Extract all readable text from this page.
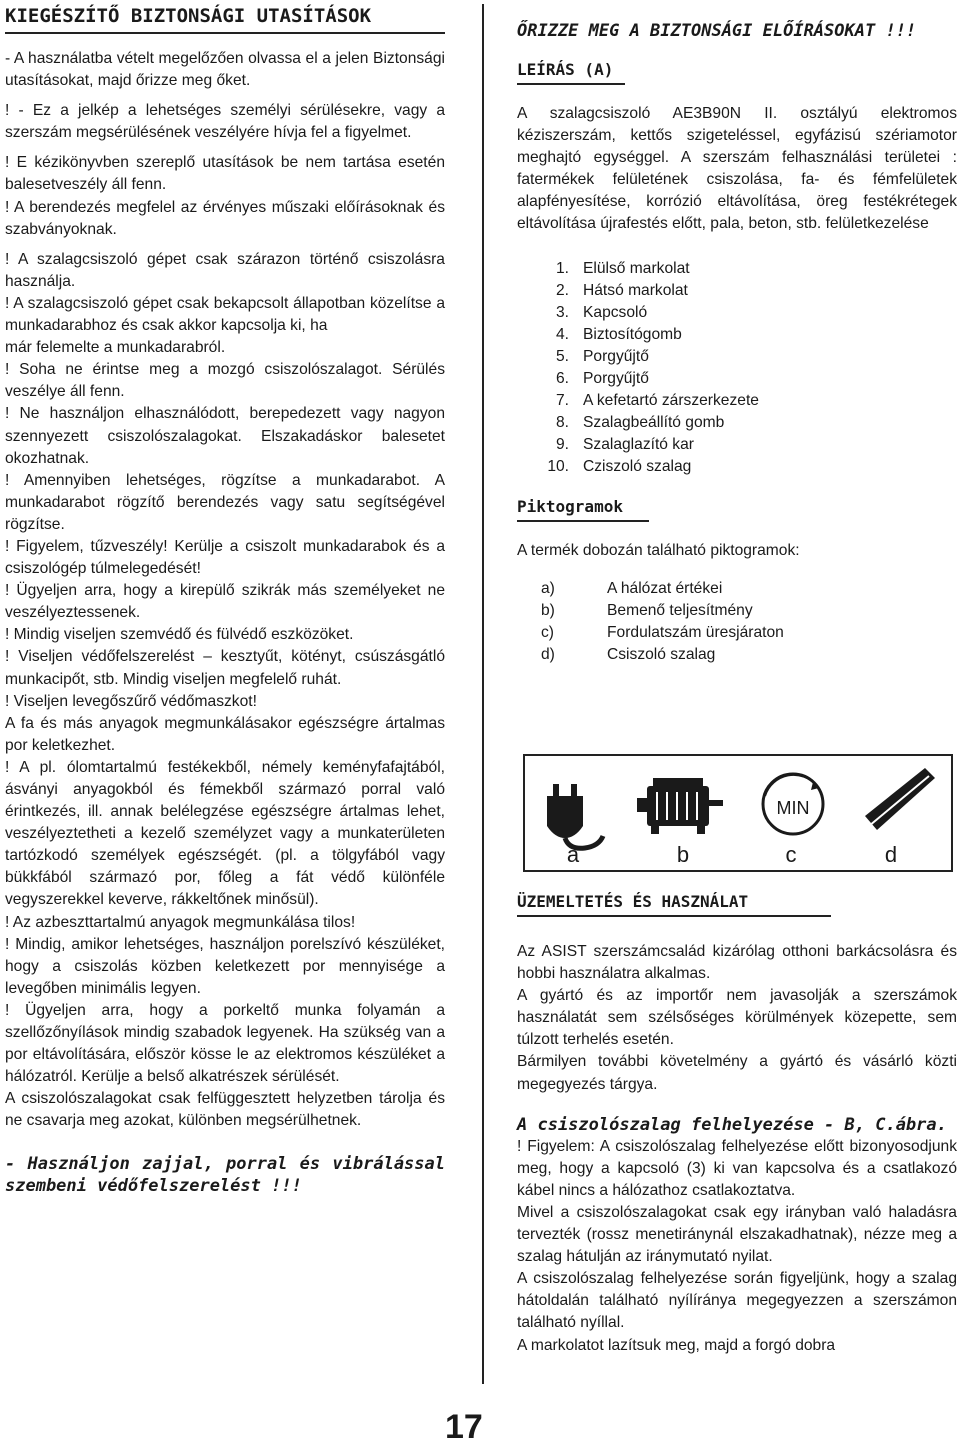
KIEGÉSZÍTŐ BIZTONSÁGI UTASÍTÁSOK

- A használatba vételt megelőzően olvassa el a jelen Biztonsági utasításokat, majd őrizze meg őket.

! - Ez a jelkép a lehetséges személyi sérülésekre, vagy a szerszám megsérülésének veszélyére hívja fel a figyelmet.

! E kézikönyvben szereplő utasítások be nem tartása esetén balesetveszély áll fenn.

! A berendezés megfelel az érvényes műszaki előírásoknak és szabványoknak.

! A szalagcsiszoló gépet csak szárazon történő csiszolásra használja.

! A szalagcsiszoló gépet csak bekapcsolt állapotban közelítse a munkadarabhoz és csak akkor kapcsolja ki, ha

már felemelte a munkadarabról.

! Soha ne érintse meg a mozgó csiszolószalagot. Sérülés veszélye áll fenn.

! Ne használjon elhasználódott, berepedezett vagy nagyon szennyezett csiszolószalagokat. Elszakadáskor balesetet okozhatnak.

! Amennyiben lehetséges, rögzítse a munkadarabot. A munkadarabot rögzítő berendezés vagy satu segítségével rögzítse.

! Figyelem, tűzveszély! Kerülje a csiszolt munkadarabok és a csiszológép túlmelegedését!

! Ügyeljen arra, hogy a kirepülő szikrák más személyeket ne veszélyeztessenek.

! Mindig viseljen szemvédő és fülvédő eszközöket.

! Viseljen védőfelszerelést – kesztyűt, kötényt, csúszásgátló munkacipőt, stb. Mindig viseljen megfelelő ruhát.

! Viseljen levegőszűrő védőmaszkot!

A fa és más anyagok megmunkálásakor egészségre ártalmas por keletkezhet.

! A pl. ólomtartalmú festékekből, némely keményfafajtából, ásványi anyagokból és fémekből származó porral való érintkezés, ill. annak belélegzése egészségre ártalmas lehet, veszélyeztetheti a kezelő személyzet vagy a munkaterületen tartózkodó személyek egészségét. (pl. a tölgyfából vagy bükkfából származó por, főleg a fát védő különféle vegyszerekkel keverve, rákkeltőnek minősül).

! Az azbeszttartalmú anyagok megmunkálása tilos!

! Mindig, amikor lehetséges, használjon porelszívó készüléket, hogy a csiszolás közben keletkezett por mennyisége a levegőben minimális legyen.

! Ügyeljen arra, hogy a porkeltő munka folyamán a szellőzőnyílások mindig szabadok legyenek. Ha szükség van a por eltávolítására, először kösse le az elektromos készüléket a hálózatról. Kerülje a belső alkatrészek sérülését.

A csiszolószalagokat csak felfüggesztett helyzetben tárolja és ne csavarja meg azokat, különben megsérülhetnek.

- Használjon zajjal, porral és vibrálással szembeni védőfelszerelést !!!

ŐRIZZE MEG A BIZTONSÁGI ELŐÍRÁSOKAT !!!

LEÍRÁS (A)

A szalagcsiszoló AE3B90N II. osztályú elektromos kéziszerszám, kettős szigeteléssel, egyfázisú szériamotor meghajtó egységgel. A szerszám felhasználási területei : fatermékek felületének csiszolása, fa- és fémfelületek alapfényesítése, korrózió eltávolítása, öreg festékrétegek eltávolítása újrafestés előtt, pala, beton, stb. felületkezelése

1. Elülső markolat
2. Hátsó markolat
3. Kapcsoló
4. Biztosítógomb
5. Porgyűjtő
6. Porgyűjtő
7. A kefetartó zárszerkezete
8. Szalagbeállító gomb
9. Szalaglazító kar
10. Cziszoló szalag
Piktogramok

A termék dobozán található piktogramok:

a)	A hálózat értékei
b)	Bemenő teljesítmény
c)	Fordulatszám üresjáraton
d)	Csiszoló szalag
MIN
a	b	c	d
ÜZEMELTETÉS ÉS HASZNÁLAT

Az ASIST szerszámcsalád kizárólag otthoni barkácsolásra és hobbi használatra alkalmas.

A gyártó és az importőr nem javasolják a szerszámok használatát sem szélsőséges körülmények közepette, sem túlzott terhelés esetén.

Bármilyen további követelmény a gyártó és vásárló közti megegyezés tárgya.

A csiszolószalag felhelyezése - B, C.ábra.

! Figyelem: A csiszolószalag felhelyezése előtt bizonyosodjunk meg, hogy a kapcsoló (3) ki van kapcsolva és a csatlakozó kábel nincs a hálózathoz csatlakoztatva.

Mivel a csiszolószalagokat csak egy irányban való haladásra tervezték (rossz menetiránynál elszakadhatnak), nézze meg a szalag hátulján az iránymutató nyilat.

A csiszolószalag felhelyezése során figyeljünk, hogy a szalag hátoldalán található nyílíránya megegyezzen a szerszámon található nyíllal.

A markolatot lazítsuk meg, majd a forgó dobra

17
